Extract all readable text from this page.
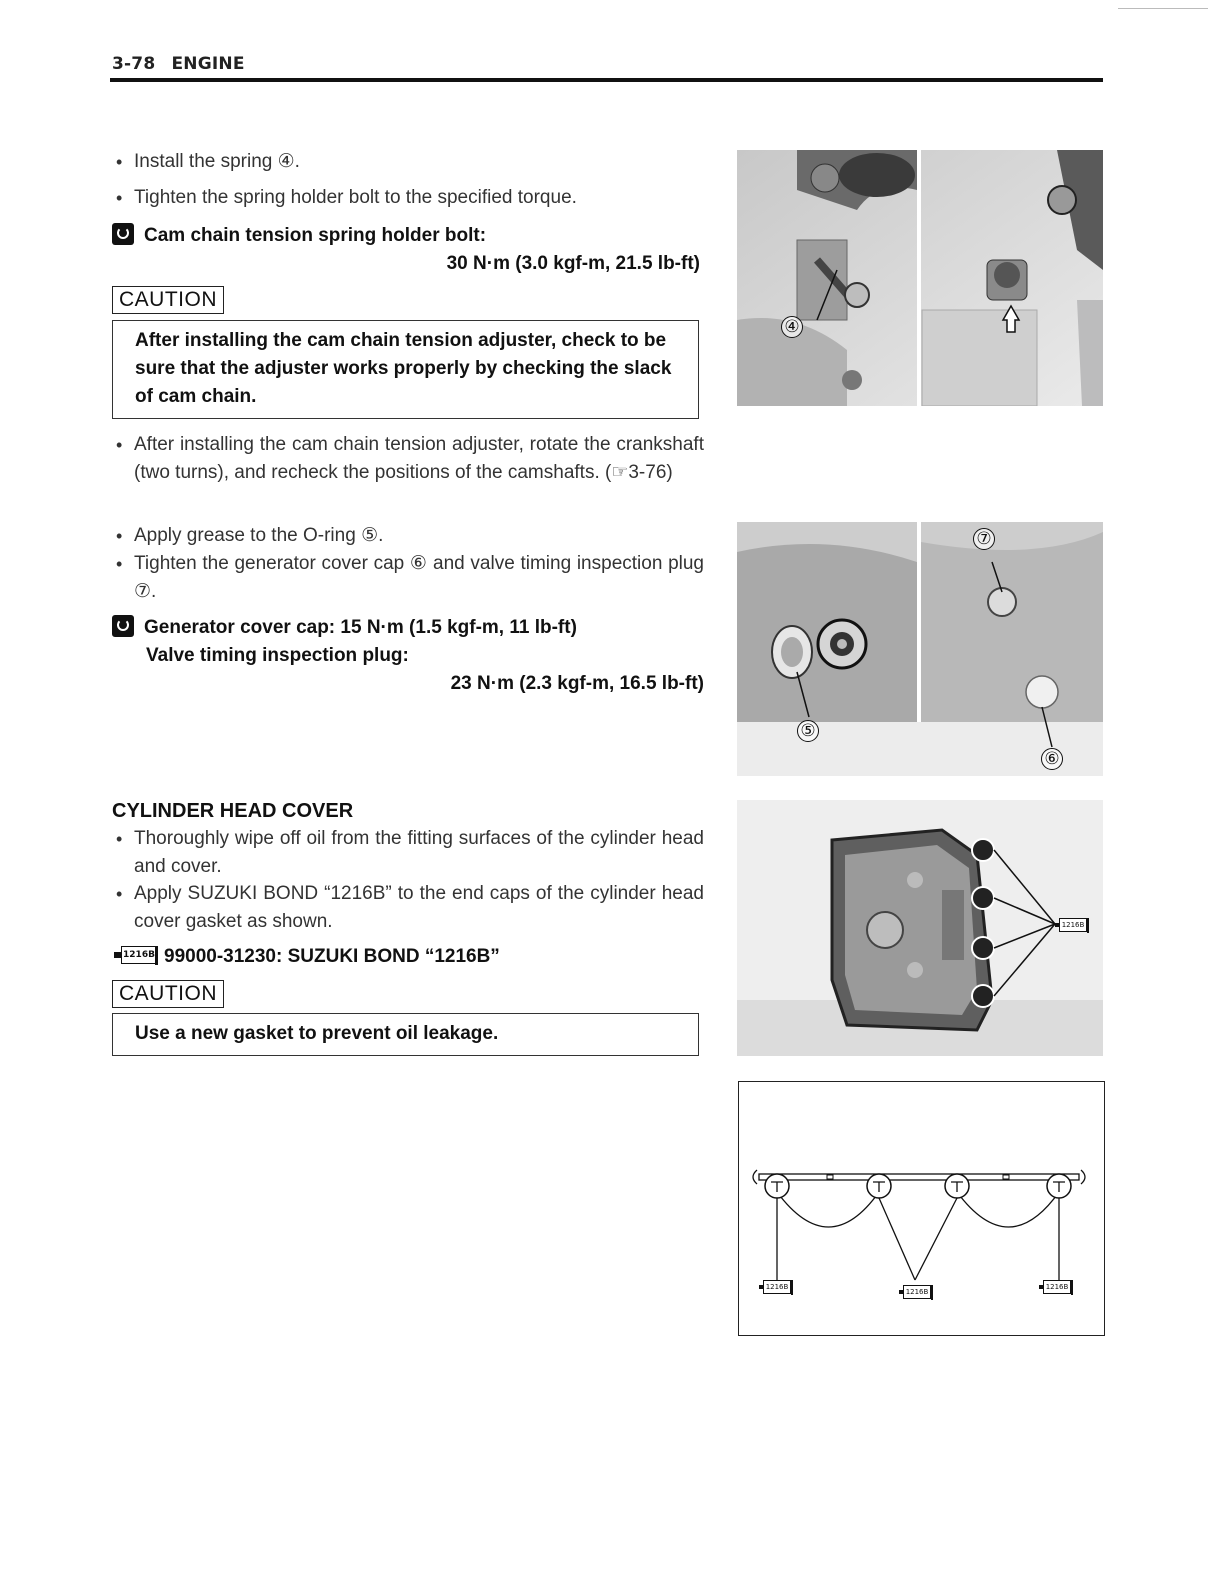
3-78 ENGINE
• Install the spring ④.
• Tighten the spring holder bolt to the specified torque.
Cam chain tension spring holder bolt:
30 N·m (3.0 kgf-m, 21.5 lb-ft)
CAUTION
After installing the cam chain tension adjuster, check to be sure that the adjuster works properly by checking the slack of cam chain.
• After installing the cam chain tension adjuster, rotate the crankshaft (two turns), and recheck the positions of the camshafts. (☞3-76)
• Apply grease to the O-ring ⑤.
• Tighten the generator cover cap ⑥ and valve timing inspection plug ⑦.
Generator cover cap: 15 N·m (1.5 kgf-m, 11 lb-ft)
Valve timing inspection plug:
23 N·m (2.3 kgf-m, 16.5 lb-ft)
CYLINDER HEAD COVER
• Thoroughly wipe off oil from the fitting surfaces of the cylinder head and cover.
• Apply SUZUKI BOND “1216B” to the end caps of the cylinder head cover gasket as shown.
1216B 99000-31230: SUZUKI BOND “1216B”
CAUTION
Use a new gasket to prevent oil leakage.
④
⑤
⑦
⑥
1216B
1216B
1216B
1216B
